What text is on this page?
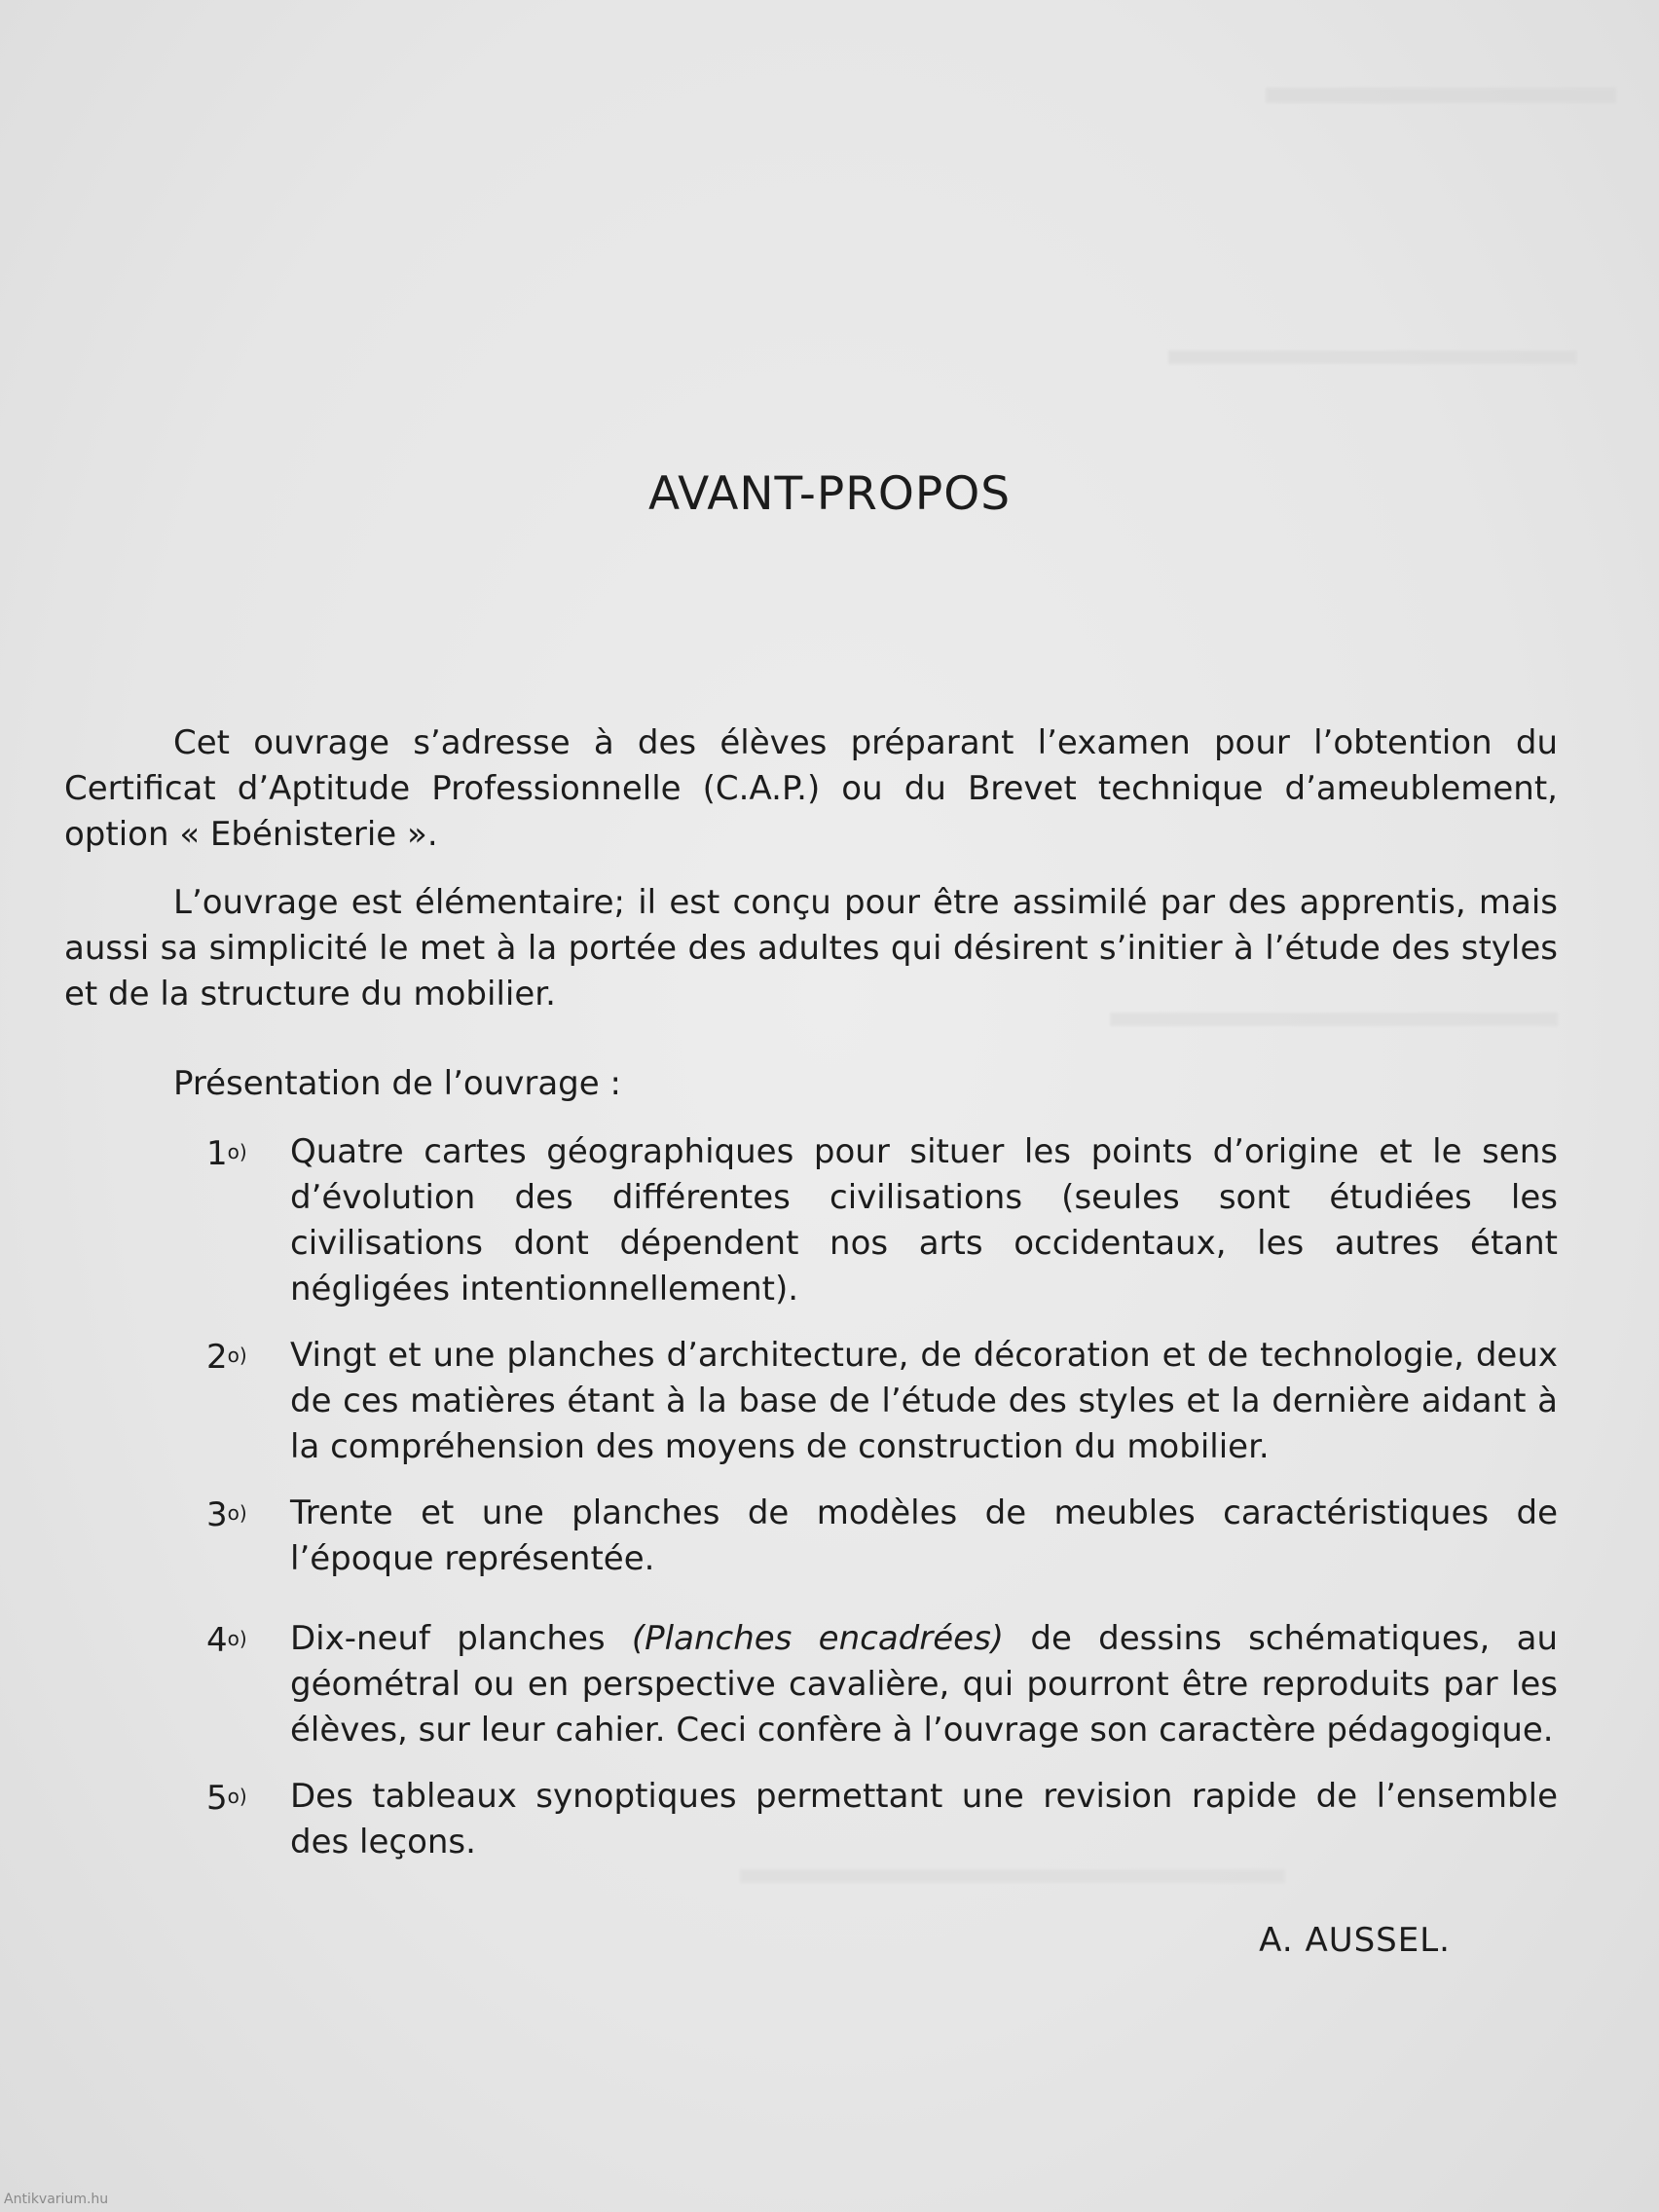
AVANT-PROPOS

Cet ouvrage s’adresse à des élèves préparant l’examen pour l’obtention du Certificat d’Aptitude Professionnelle (C.A.P.) ou du Brevet technique d’ameublement, option « Ebénisterie ».

L’ouvrage est élémentaire; il est conçu pour être assimilé par des apprentis, mais aussi sa simplicité le met à la portée des adultes qui désirent s’initier à l’étude des styles et de la structure du mobilier.

Présentation de l’ouvrage :

1$^{o)}$ Quatre cartes géographiques pour situer les points d’origine et le sens d’évolution des différentes civilisations (seules sont étudiées les civilisations dont dépendent nos arts occidentaux, les autres étant négligées intentionnellement).

2$^{o)}$ Vingt et une planches d’architecture, de décoration et de technologie, deux de ces matières étant à la base de l’étude des styles et la dernière aidant à la compréhension des moyens de construction du mobilier.

3$^{o)}$ Trente et une planches de modèles de meubles caractéristiques de l’époque représentée.

4$^{o)}$ Dix-neuf planches (Planches encadrées) de dessins schématiques, au géométral ou en perspective cavalière, qui pourront être reproduits par les élèves, sur leur cahier. Ceci confère à l’ouvrage son caractère pédagogique.

5$^{o)}$ Des tableaux synoptiques permettant une revision rapide de l’ensemble des leçons.

A. AUSSEL.
Antikvarium.hu
